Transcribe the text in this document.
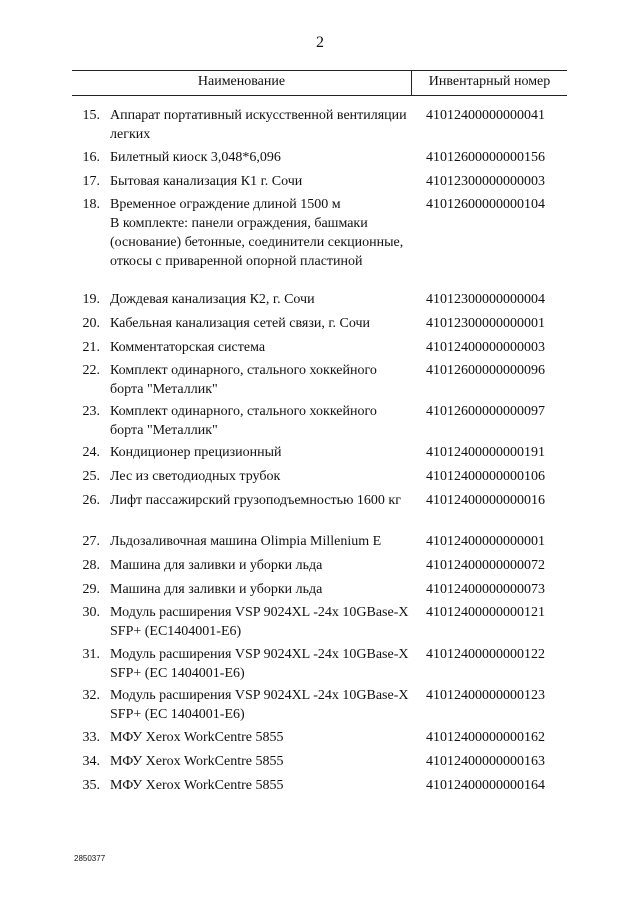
2
Наименование	Инвентарный номер
15. Аппарат портативный искусственной вентиляции легких
41012400000000041
16. Билетный киоск 3,048*6,096	41012600000000156
17. Бытовая канализация К1 г. Сочи	41012300000000003
18. Временное ограждение длиной 1500 м
В комплекте: панели ограждения, башмаки (основание) бетонные, соединители секционные, откосы с приваренной опорной пластиной
41012600000000104
19. Дождевая канализация К2, г. Сочи	41012300000000004
20. Кабельная канализация сетей связи, г. Сочи	41012300000000001
21. Комментаторская система	41012400000000003
22. Комплект одинарного, стального хоккейного борта "Металлик"
41012600000000096
23. Комплект одинарного, стального хоккейного борта "Металлик"
41012600000000097
24. Кондиционер прецизионный	41012400000000191
25. Лес из светодиодных трубок	41012400000000106
26. Лифт пассажирский грузоподъемностью 1600 кг	41012400000000016
27. Льдозаливочная машина Olimpia Millenium E	41012400000000001
28. Машина для заливки и уборки льда	41012400000000072
29. Машина для заливки и уборки льда	41012400000000073
30. Модуль расширения VSP 9024XL -24x 10GBase-X SFP+ (EC1404001-E6)
41012400000000121
31. Модуль расширения VSP 9024XL -24x 10GBase-X SFP+ (EC 1404001-E6)
41012400000000122
32. Модуль расширения VSP 9024XL -24x 10GBase-X SFP+ (EC 1404001-E6)
41012400000000123
33. МФУ Xerox WorkCentre 5855	41012400000000162
34. МФУ Xerox WorkCentre 5855	41012400000000163
35. МФУ Xerox WorkCentre 5855	41012400000000164
2850377
